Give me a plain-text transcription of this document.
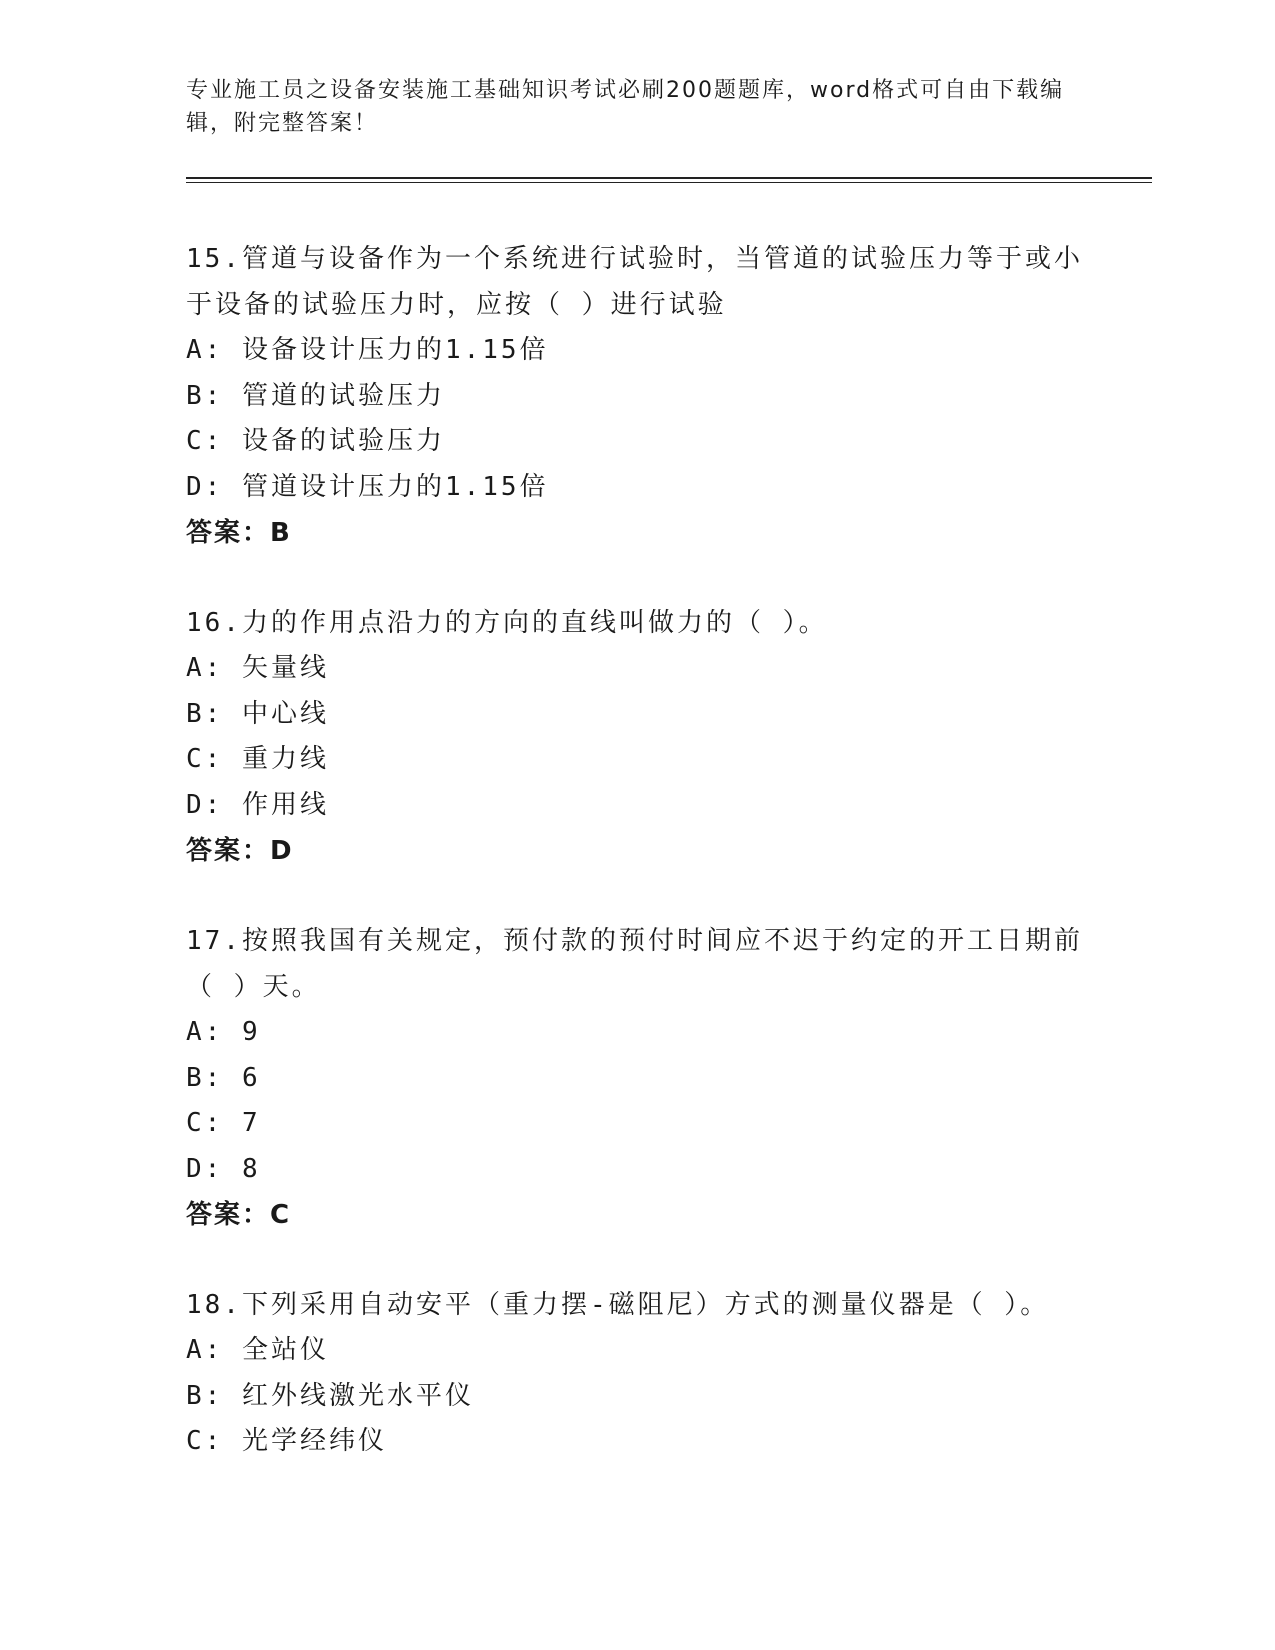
专业施工员之设备安装施工基础知识考试必刷200题题库，word格式可自由下载编辑，附完整答案！
15.管道与设备作为一个系统进行试验时，当管道的试验压力等于或小于设备的试验压力时，应按（ ）进行试验
A: 设备设计压力的1.15倍
B: 管道的试验压力
C: 设备的试验压力
D: 管道设计压力的1.15倍
答案：B
16.力的作用点沿力的方向的直线叫做力的（ ）。
A: 矢量线
B: 中心线
C: 重力线
D: 作用线
答案：D
17.按照我国有关规定，预付款的预付时间应不迟于约定的开工日期前（ ）天。
A: 9
B: 6
C: 7
D: 8
答案：C
18.下列采用自动安平（重力摆-磁阻尼）方式的测量仪器是（ ）。
A: 全站仪
B: 红外线激光水平仪
C: 光学经纬仪
